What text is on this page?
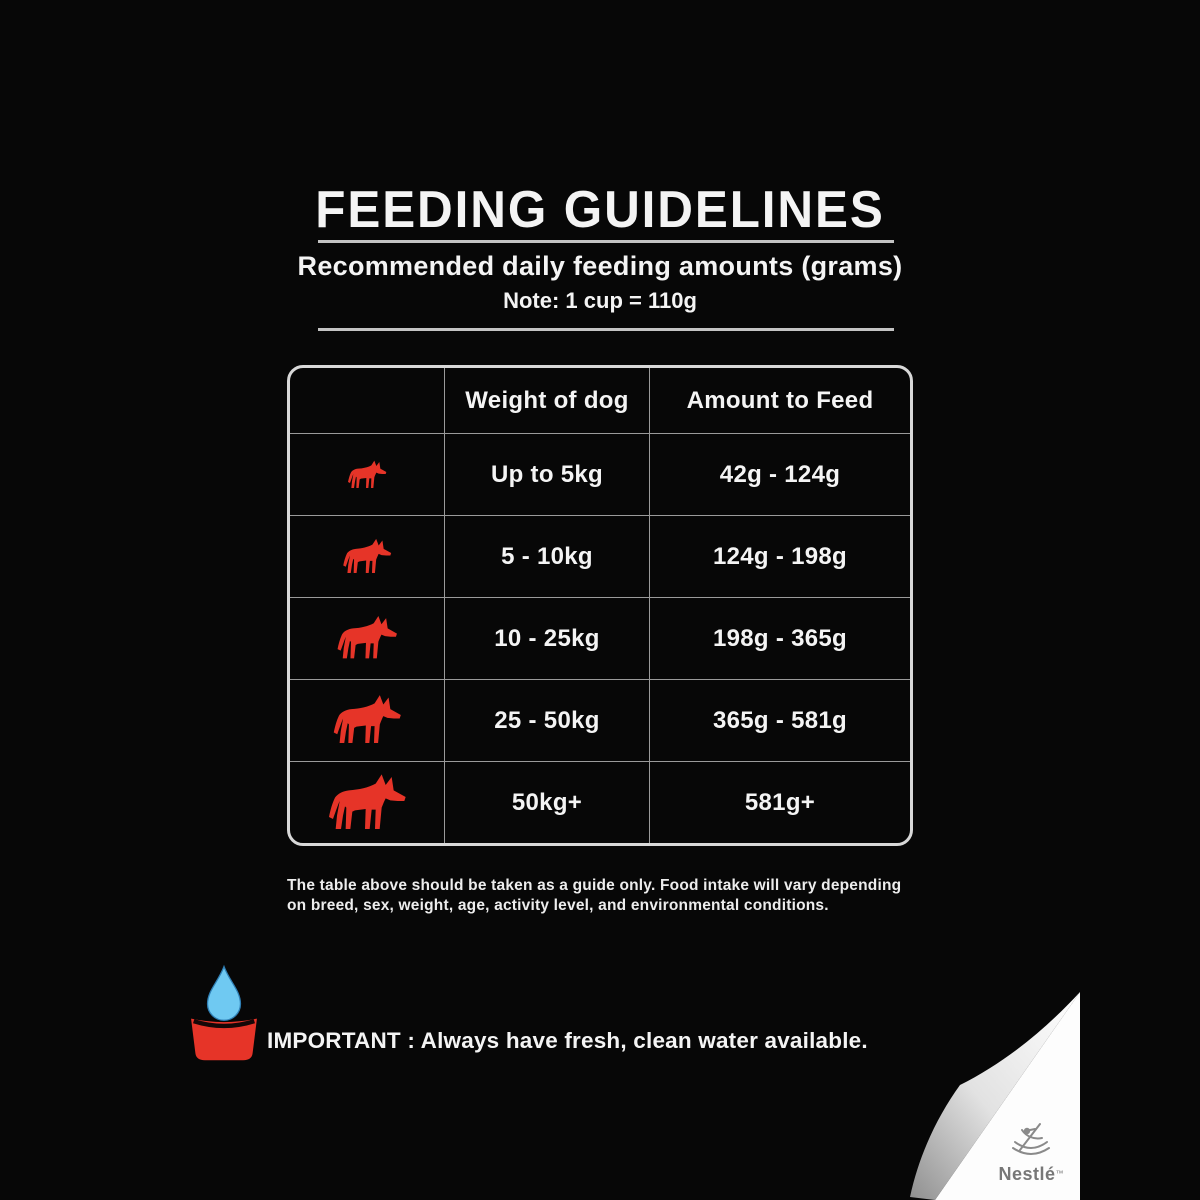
FEEDING GUIDELINES
Recommended daily feeding amounts (grams)
Note: 1 cup = 110g
Weight of dog	Amount to Feed
Up to 5kg	42g - 124g
5 - 10kg	124g - 198g
10 - 25kg	198g - 365g
25 - 50kg	365g - 581g
50kg+	581g+
The table above should be taken as a guide only. Food intake will vary depending on breed, sex, weight, age, activity level, and environmental conditions.
IMPORTANT : Always have fresh, clean water available.
Nestlé™
